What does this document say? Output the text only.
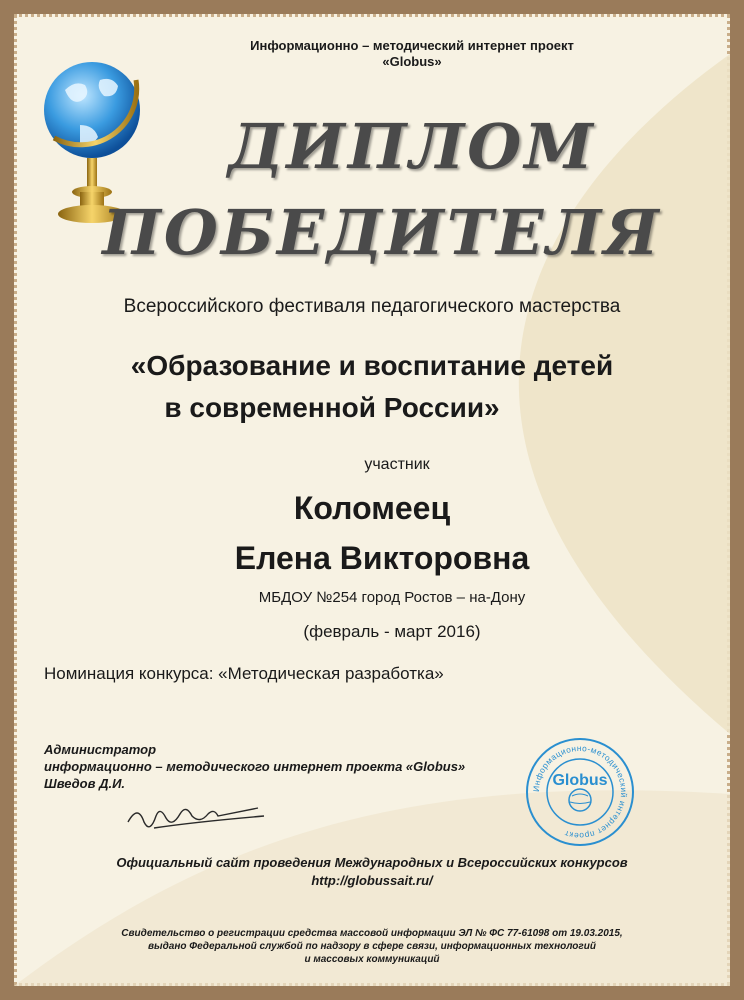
Информационно – методический интернет проект
«Globus»
ДИПЛОМ
ПОБЕДИТЕЛЯ
Всероссийского фестиваля педагогического мастерства
«Образование и воспитание детей
в современной России»
участник
Коломеец
Елена Викторовна
МБДОУ №254 город Ростов – на-Дону
(февраль - март 2016)
Номинация конкурса: «Методическая разработка»
Администратор
информационно – методического интернет проекта «Globus»
Шведов Д.И.	Информационно-методический интернет проект
Globus
Официальный сайт проведения Международных и Всероссийских конкурсов
http://globussait.ru/
Свидетельство о регистрации средства массовой информации ЭЛ № ФС 77-61098 от 19.03.2015,
выдано Федеральной службой по надзору в сфере связи, информационных технологий
и массовых коммуникаций
